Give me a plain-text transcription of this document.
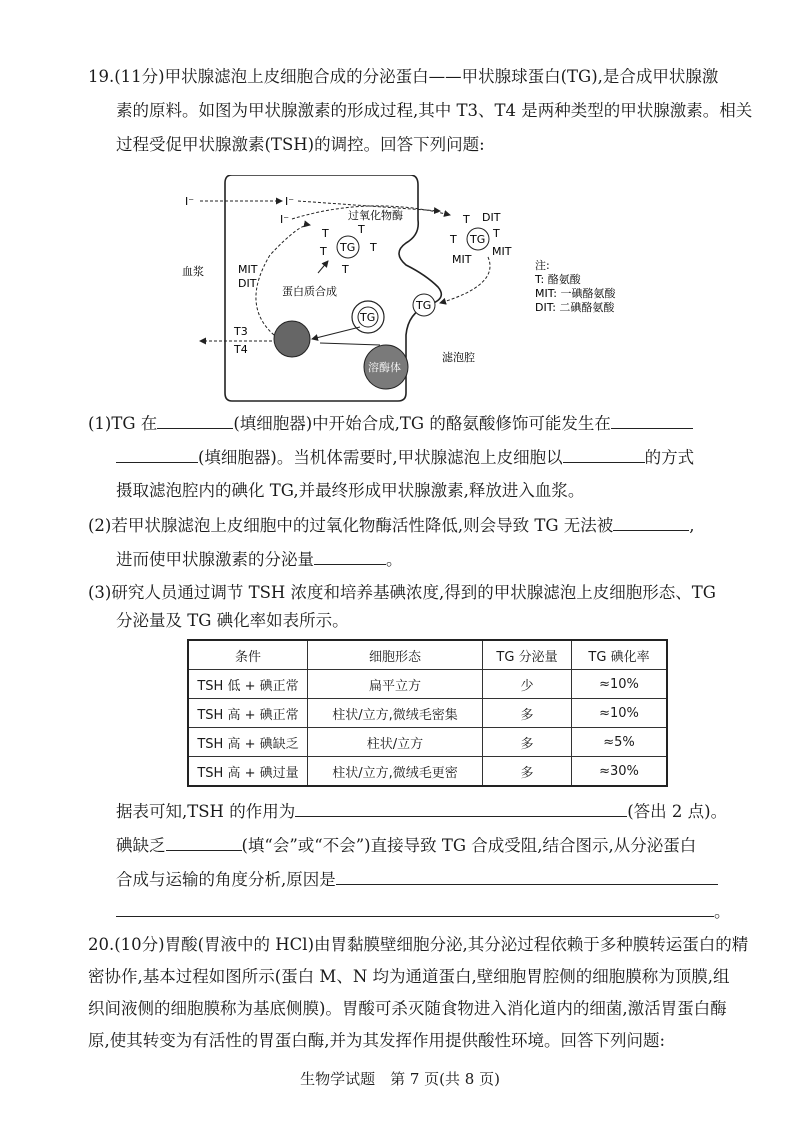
19.(11分)甲状腺滤泡上皮细胞合成的分泌蛋白——甲状腺球蛋白(TG),是合成甲状腺激
素的原料。如图为甲状腺激素的形成过程,其中 T3、T4 是两种类型的甲状腺激素。相关
过程受促甲状腺激素(TSH)的调控。回答下列问题:
I⁻	I⁻
I⁻	过氧化物酶
TG
T	T
T	T
T
蛋白质合成
TG
T DIT
T	T
MIT
MIT
TG
TG
溶酶体
T3
T4
MIT
DIT
血浆
滤泡腔
注:
T: 酪氨酸
MIT: 一碘酪氨酸
DIT: 二碘酪氨酸
(1)TG 在	(填细胞器)中开始合成,TG 的酪氨酸修饰可能发生在
(填细胞器)。当机体需要时,甲状腺滤泡上皮细胞以	的方式
摄取滤泡腔内的碘化 TG,并最终形成甲状腺激素,释放进入血浆。
(2)若甲状腺滤泡上皮细胞中的过氧化物酶活性降低,则会导致 TG 无法被	,
进而使甲状腺激素的分泌量	。
(3)研究人员通过调节 TSH 浓度和培养基碘浓度,得到的甲状腺滤泡上皮细胞形态、TG
分泌量及 TG 碘化率如表所示。
条件	细胞形态	TG 分泌量	TG 碘化率
TSH 低 + 碘正常	扁平立方	少	≈10%
TSH 高 + 碘正常	柱状/立方,微绒毛密集	多	≈10%
TSH 高 + 碘缺乏	柱状/立方	多	≈5%
TSH 高 + 碘过量	柱状/立方,微绒毛更密	多	≈30%
据表可知,TSH 的作用为	(答出 2 点)。
碘缺乏	(填“会”或“不会”)直接导致 TG 合成受阻,结合图示,从分泌蛋白
合成与运输的角度分析,原因是
。
20.(10分)胃酸(胃液中的 HCl)由胃黏膜壁细胞分泌,其分泌过程依赖于多种膜转运蛋白的精
密协作,基本过程如图所示(蛋白 M、N 均为通道蛋白,壁细胞胃腔侧的细胞膜称为顶膜,组
织间液侧的细胞膜称为基底侧膜)。胃酸可杀灭随食物进入消化道内的细菌,激活胃蛋白酶
原,使其转变为有活性的胃蛋白酶,并为其发挥作用提供酸性环境。回答下列问题:
生物学试题　第 7 页(共 8 页)
